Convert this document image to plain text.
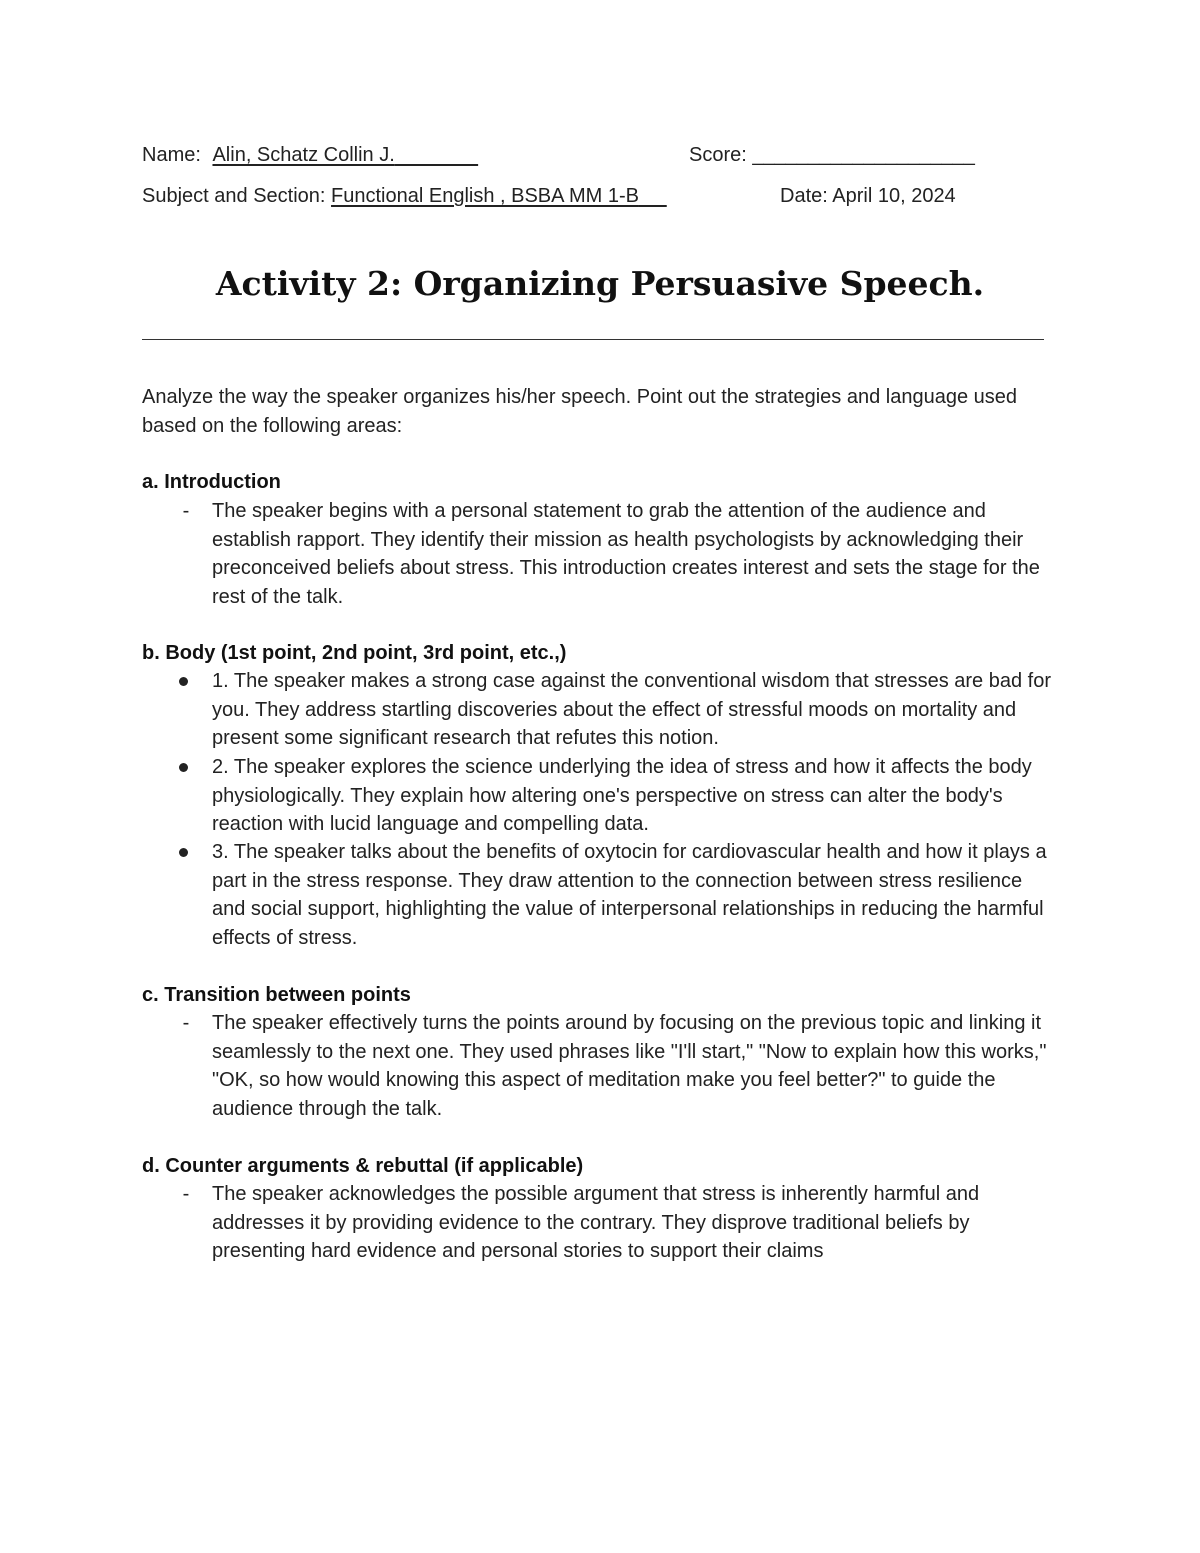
Name: Alin, Schatz Collin J.	Score: ____________________
Subject and Section: Functional English , BSBA MM 1-B	Date: April 10, 2024
Activity 2: Organizing Persuasive Speech.
Analyze the way the speaker organizes his/her speech. Point out the strategies and language used based on the following areas:
a. Introduction
-	The speaker begins with a personal statement to grab the attention of the audience and establish rapport. They identify their mission as health psychologists by acknowledging their preconceived beliefs about stress. This introduction creates interest and sets the stage for the rest of the talk.
b. Body (1st point, 2nd point, 3rd point, etc.,)
1. The speaker makes a strong case against the conventional wisdom that stresses are bad for you. They address startling discoveries about the effect of stressful moods on mortality and present some significant research that refutes this notion.
2. The speaker explores the science underlying the idea of stress and how it affects the body physiologically. They explain how altering one's perspective on stress can alter the body's reaction with lucid language and compelling data.
3. The speaker talks about the benefits of oxytocin for cardiovascular health and how it plays a part in the stress response. They draw attention to the connection between stress resilience and social support, highlighting the value of interpersonal relationships in reducing the harmful effects of stress.
c. Transition between points
-	The speaker effectively turns the points around by focusing on the previous topic and linking it seamlessly to the next one. They used phrases like "I'll start," "Now to explain how this works," "OK, so how would knowing this aspect of meditation make you feel better?" to guide the audience through the talk.
d. Counter arguments & rebuttal (if applicable)
-	The speaker acknowledges the possible argument that stress is inherently harmful and addresses it by providing evidence to the contrary. They disprove traditional beliefs by presenting hard evidence and personal stories to support their claims
